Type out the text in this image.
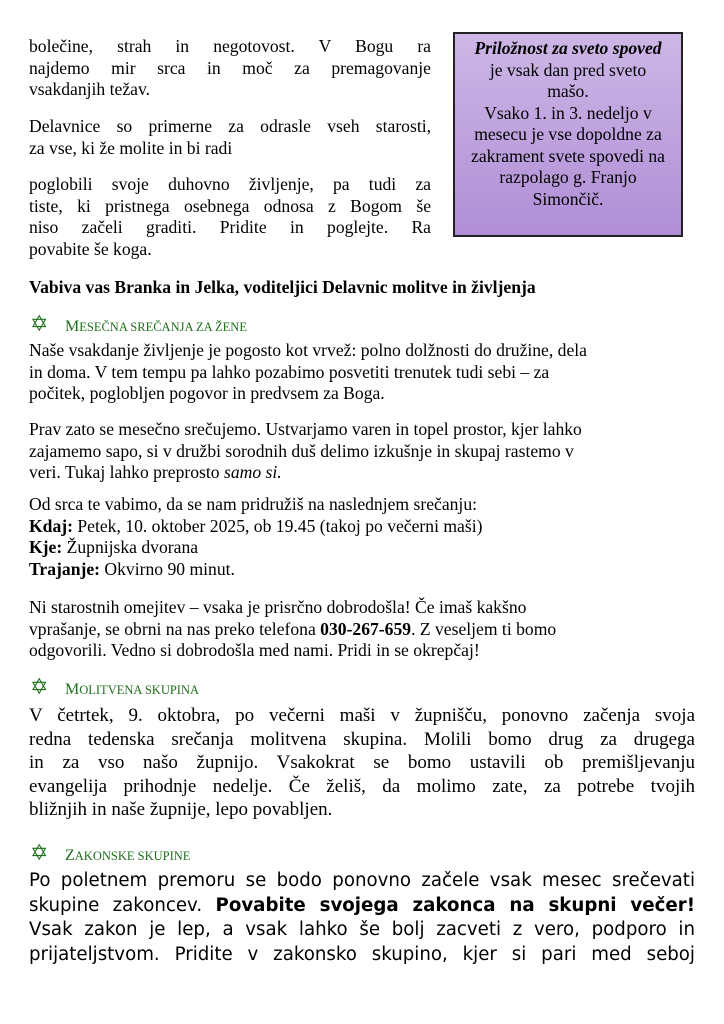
bolečine, strah in negotovost. V Bogu ra
najdemo mir srca in moč za premagovanje
vsakdanjih težav.
Delavnice so primerne za odrasle vseh starosti,
za vse, ki že molite in bi radi
poglobili svoje duhovno življenje, pa tudi za
tiste, ki pristnega osebnega odnosa z Bogom še
niso začeli graditi. Pridite in poglejte. Ra
povabite še koga.
Priložnost za sveto spoved
je vsak dan pred sveto
mašo.
Vsako 1. in 3. nedeljo v
mesecu je vse dopoldne za
zakrament svete spovedi na
razpolago g. Franjo
Simončič.
Vabiva vas Branka in Jelka, voditeljici Delavnic molitve in življenja
✡ MESEČNA SREČANJA ZA ŽENE
Naše vsakdanje življenje je pogosto kot vrvež: polno dolžnosti do družine, dela
in doma. V tem tempu pa lahko pozabimo posvetiti trenutek tudi sebi – za
počitek, poglobljen pogovor in predvsem za Boga.
Prav zato se mesečno srečujemo. Ustvarjamo varen in topel prostor, kjer lahko
zajamemo sapo, si v družbi sorodnih duš delimo izkušnje in skupaj rastemo v
veri. Tukaj lahko preprosto samo si.
Od srca te vabimo, da se nam pridružiš na naslednjem srečanju:
Kdaj: Petek, 10. oktober 2025, ob 19.45 (takoj po večerni maši)
Kje: Župnijska dvorana
Trajanje: Okvirno 90 minut.
Ni starostnih omejitev – vsaka je prisrčno dobrodošla! Če imaš kakšno
vprašanje, se obrni na nas preko telefona 030-267-659. Z veseljem ti bomo
odgovorili. Vedno si dobrodošla med nami. Pridi in se okrepčaj!
✡ MOLITVENA SKUPINA
V četrtek, 9. oktobra, po večerni maši v župnišču, ponovno začenja svoja
redna tedenska srečanja molitvena skupina. Molili bomo drug za drugega
in za vso našo župnijo. Vsakokrat se bomo ustavili ob premišljevanju
evangelija prihodnje nedelje. Če želiš, da molimo zate, za potrebe tvojih
bližnjih in naše župnije, lepo povabljen.
✡ ZAKONSKE SKUPINE
Po poletnem premoru se bodo ponovno začele vsak mesec srečevati
skupine zakoncev. Povabite svojega zakonca na skupni večer!
Vsak zakon je lep, a vsak lahko še bolj zacveti z vero, podporo in
prijateljstvom. Pridite v zakonsko skupino, kjer si pari med seboj
